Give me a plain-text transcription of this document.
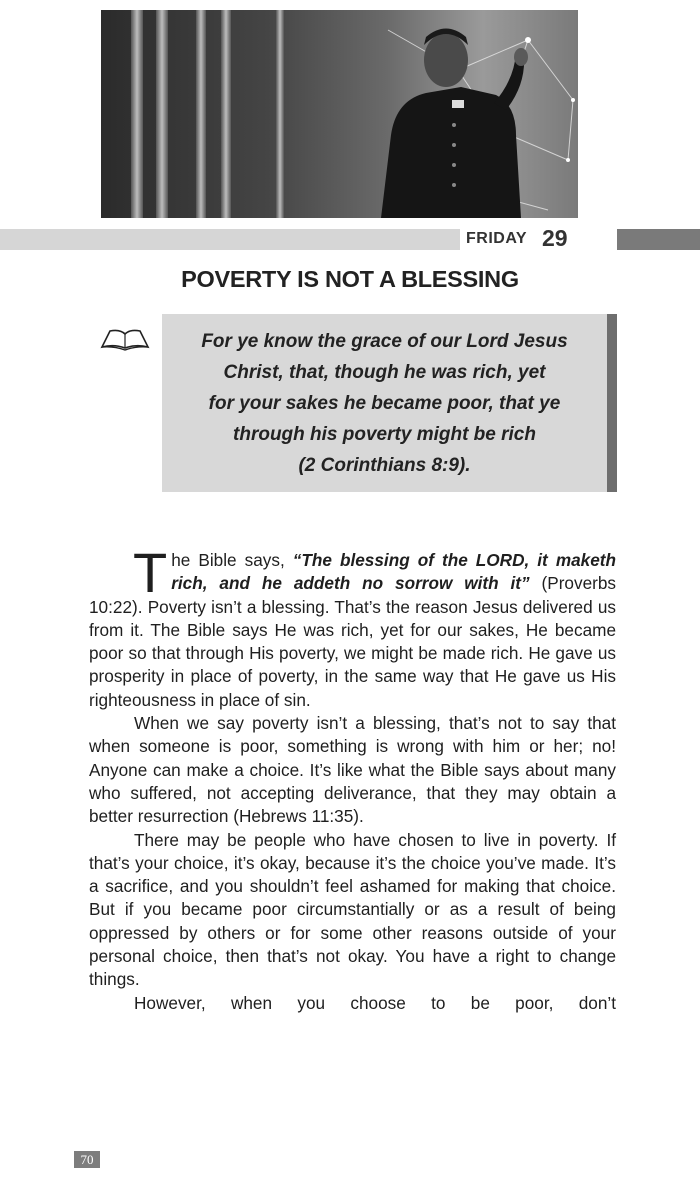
FRIDAY 29
POVERTY IS NOT A BLESSING
For ye know the grace of our Lord Jesus
Christ, that, though he was rich, yet
for your sakes he became poor, that ye
through his poverty might be rich
(2 Corinthians 8:9).

The Bible says, “The blessing of the LORD, it maketh rich, and he addeth no sorrow with it” (Proverbs 10:22). Poverty isn’t a blessing. That’s the reason Jesus delivered us from it. The Bible says He was rich, yet for our sakes, He became poor so that through His poverty, we might be made rich. He gave us prosperity in place of poverty, in the same way that He gave us His righteousness in place of sin.

When we say poverty isn’t a blessing, that’s not to say that when someone is poor, something is wrong with him or her; no! Anyone can make a choice. It’s like what the Bible says about many who suffered, not accepting deliverance, that they may obtain a better resurrection (Hebrews 11:35).

There may be people who have chosen to live in poverty. If that’s your choice, it’s okay, because it’s the choice you’ve made. It’s a sacrifice, and you shouldn’t feel ashamed for making that choice. But if you became poor circumstantially or as a result of being oppressed by others or for some other reasons outside of your personal choice, then that’s not okay. You have a right to change things.

However, when you choose to be poor, don’t

70
